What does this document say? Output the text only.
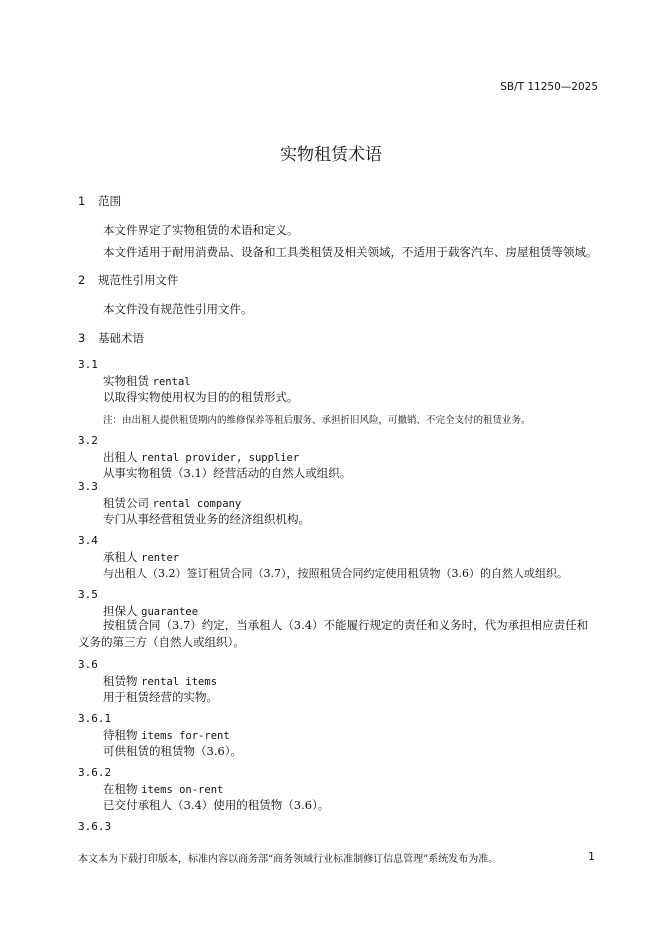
SB/T 11250—2025
实物租赁术语
1 范围
本文件界定了实物租赁的术语和定义。
本文件适用于耐用消费品、设备和工具类租赁及相关领域，不适用于载客汽车、房屋租赁等领域。
2 规范性引用文件
本文件没有规范性引用文件。
3 基础术语
3.1
实物租赁 rental
以取得实物使用权为目的的租赁形式。
注：由出租人提供租赁期内的维修保养等租后服务、承担折旧风险，可撤销、不完全支付的租赁业务。
3.2
出租人 rental provider, supplier
从事实物租赁（3.1）经营活动的自然人或组织。
3.3
租赁公司 rental company
专门从事经营租赁业务的经济组织机构。
3.4
承租人 renter
与出租人（3.2）签订租赁合同（3.7），按照租赁合同约定使用租赁物（3.6）的自然人或组织。
3.5
担保人 guarantee
按租赁合同（3.7）约定，当承租人（3.4）不能履行规定的责任和义务时，代为承担相应责任和义务的第三方（自然人或组织）。
3.6
租赁物 rental items
用于租赁经营的实物。
3.6.1
待租物 items for-rent
可供租赁的租赁物（3.6）。
3.6.2
在租物 items on-rent
已交付承租人（3.4）使用的租赁物（3.6）。
3.6.3
本文本为下载打印版本，标准内容以商务部“商务领域行业标准制修订信息管理”系统发布为准。	1
